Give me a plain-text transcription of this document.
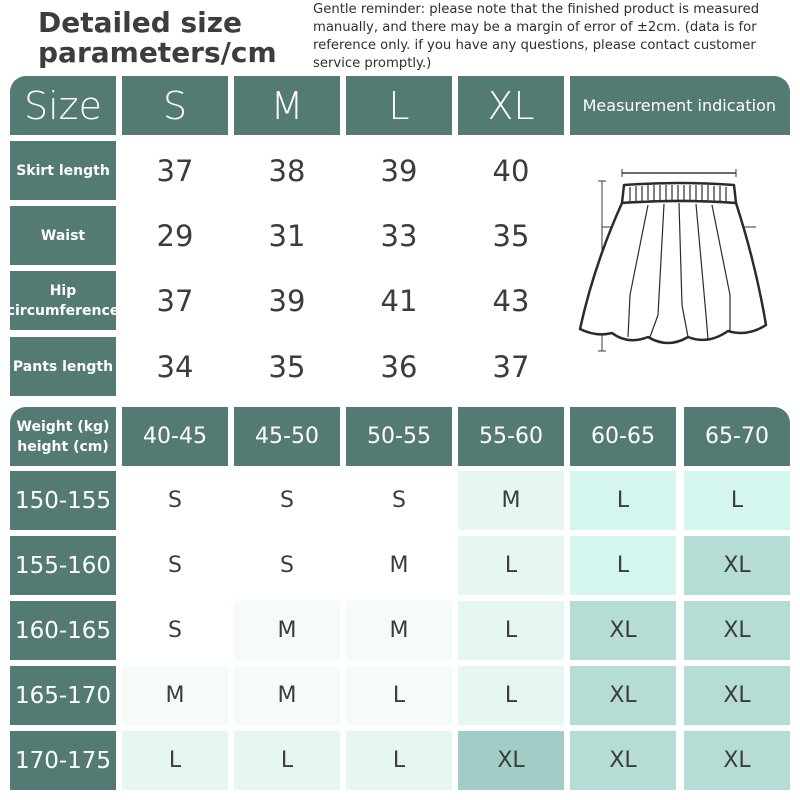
Detailed size parameters/cm

Gentle reminder: please note that the finished product is measured manually, and there may be a margin of error of ±2cm. (data is for reference only. if you have any questions, please contact customer service promptly.)

Size	S	M	L	XL	Measurement indication
Skirt length	37	38	39	40
Waist	29	31	33	35
Hip circumference	37	39	41	43
Pants length	34	35	36	37
Weight (kg) height (cm)	40-45	45-50	50-55	55-60	60-65	65-70
150-155	S	S	S	M	L	L
155-160	S	S	M	L	L	XL
160-165	S	M	M	L	XL	XL
165-170	M	M	L	L	XL	XL
170-175	L	L	L	XL	XL	XL
